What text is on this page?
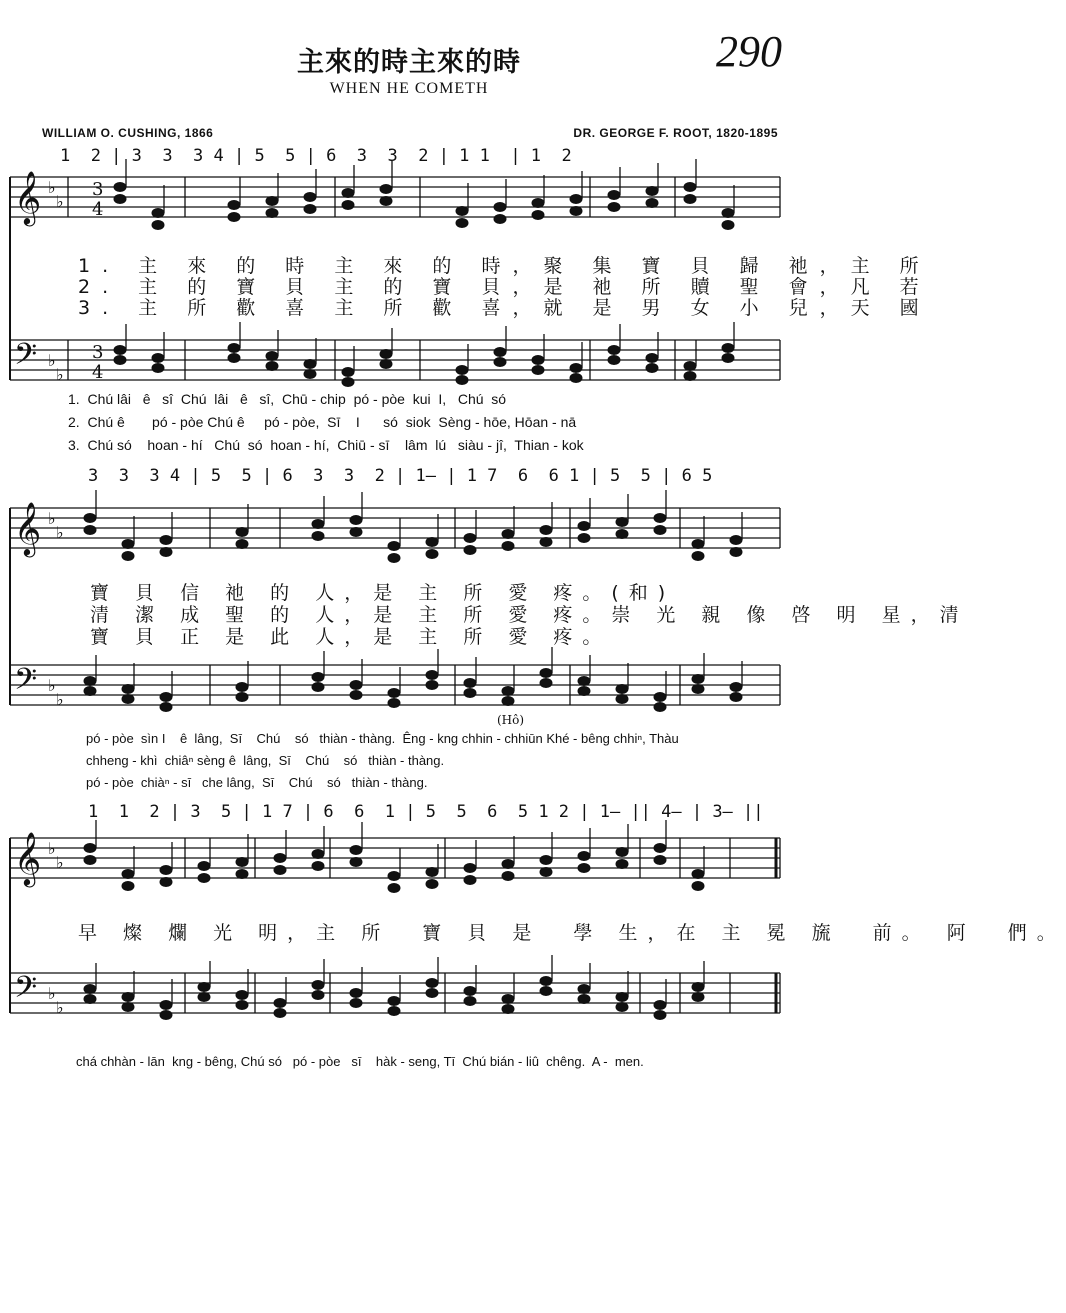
主來的時主來的時
WHEN HE COMETH
290
WILLIAM O. CUSHING, 1866	DR. GEORGE F. ROOT, 1820-1895
𝄞
𝄢
♭
♭
♭
♭
3
4
3
4
𝄞
𝄢
♭
♭
♭
♭
𝄞
𝄢
♭
♭
♭
♭
1  2 | 3  3  3 4 | 5  5 | 6  3  3  2 | 1 1  | 1  2
1. 主 來 的 時 主 來 的 時，聚 集 寶 貝 歸 祂，主 所
2. 主 的 寶 貝 主 的 寶 貝，是 祂 所 贖 聖 會，凡 若
3. 主 所 歡 喜 主 所 歡 喜，就 是 男 女 小 兒，天 國
1.  Chú lâi   ê   sî  Chú  lâi   ê   sî,  Chū - chip  pó - pòe  kui  I,   Chú  só
2.  Chú ê       pó - pòe Chú ê     pó - pòe,  Sī    I      só  siok  Sèng - hōe, Hōan - nā
3.  Chú só    hoan - hí   Chú  só  hoan - hí,  Chiū - sī    lâm  lú   siàu - jî,  Thian - kok
3  3  3 4 | 5  5 | 6  3  3  2 | 1— | 1 7  6  6 1 | 5  5 | 6 5
寶 貝 信 祂 的 人，是 主 所 愛 疼。(和)
清 潔 成 聖 的 人，是 主 所 愛 疼。崇 光 親 像 啓 明 星，清
寶 貝 正 是 此 人，是 主 所 愛 疼。
(Hô)
pó - pòe  sìn I    ê  lâng,  Sī    Chú    só   thiàn - thàng.  Êng - kng chhin - chhiūn Khé - bêng chhiⁿ, Thàu
chheng - khì  chiâⁿ sèng ê  lâng,  Sī    Chú    só   thiàn - thàng.
pó - pòe  chiàⁿ - sī   che lâng,  Sī    Chú    só   thiàn - thàng.
1  1  2 | 3  5 | 1 7 | 6  6  1 | 5  5  6  5 1 2 | 1— || 4— | 3— ||
早 燦 爛 光 明，主 所  寶 貝 是  學 生，在 主 冕 旒  前。 阿  們。
chá chhàn - lān  kng - bêng, Chú só   pó - pòe   sī    hàk - seng, Tī  Chú bián - liû  chêng.  A -  men.
